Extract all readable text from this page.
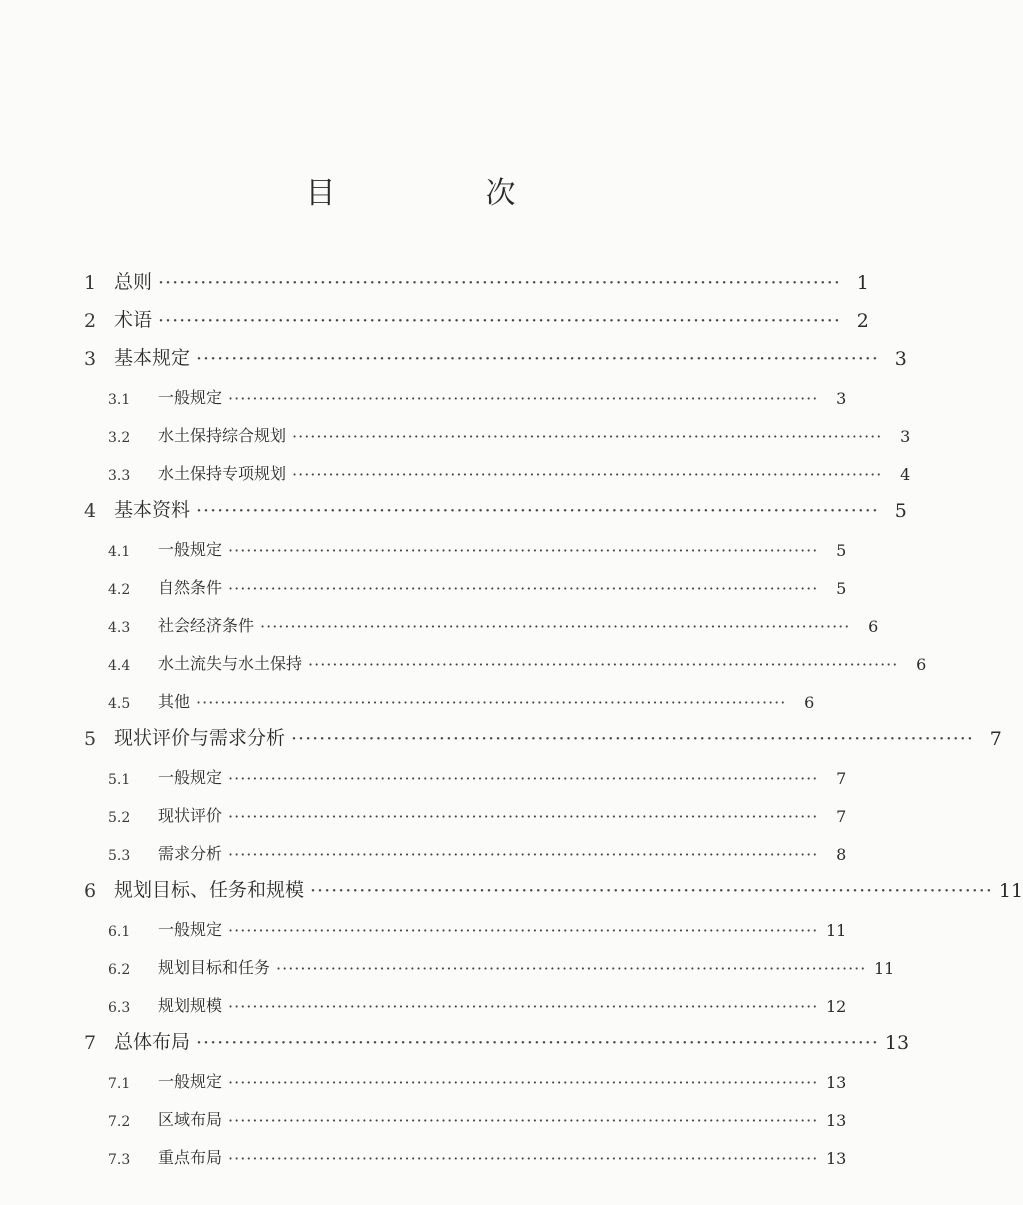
目　次
1 总则 ································································································· 1
2 术语 ································································································· 2
3 基本规定 ································································································· 3
3.1	一般规定 ·································································································	3
3.2	水土保持综合规划 ·································································································	3
3.3	水土保持专项规划 ·································································································	4
4 基本资料 ································································································· 5
4.1	一般规定 ·································································································	5
4.2	自然条件 ·································································································	5
4.3	社会经济条件 ·································································································	6
4.4	水土流失与水土保持 ·································································································	6
4.5	其他 ·································································································	6
5 现状评价与需求分析 ································································································· 7
5.1	一般规定 ·································································································	7
5.2	现状评价 ·································································································	7
5.3	需求分析 ·································································································	8
6 规划目标、任务和规模 ································································································· 11
6.1	一般规定 ································································································· 11
6.2	规划目标和任务 ································································································· 11
6.3	规划规模 ································································································· 12
7 总体布局 ································································································· 13
7.1	一般规定 ································································································· 13
7.2	区域布局 ································································································· 13
7.3	重点布局 ································································································· 13
